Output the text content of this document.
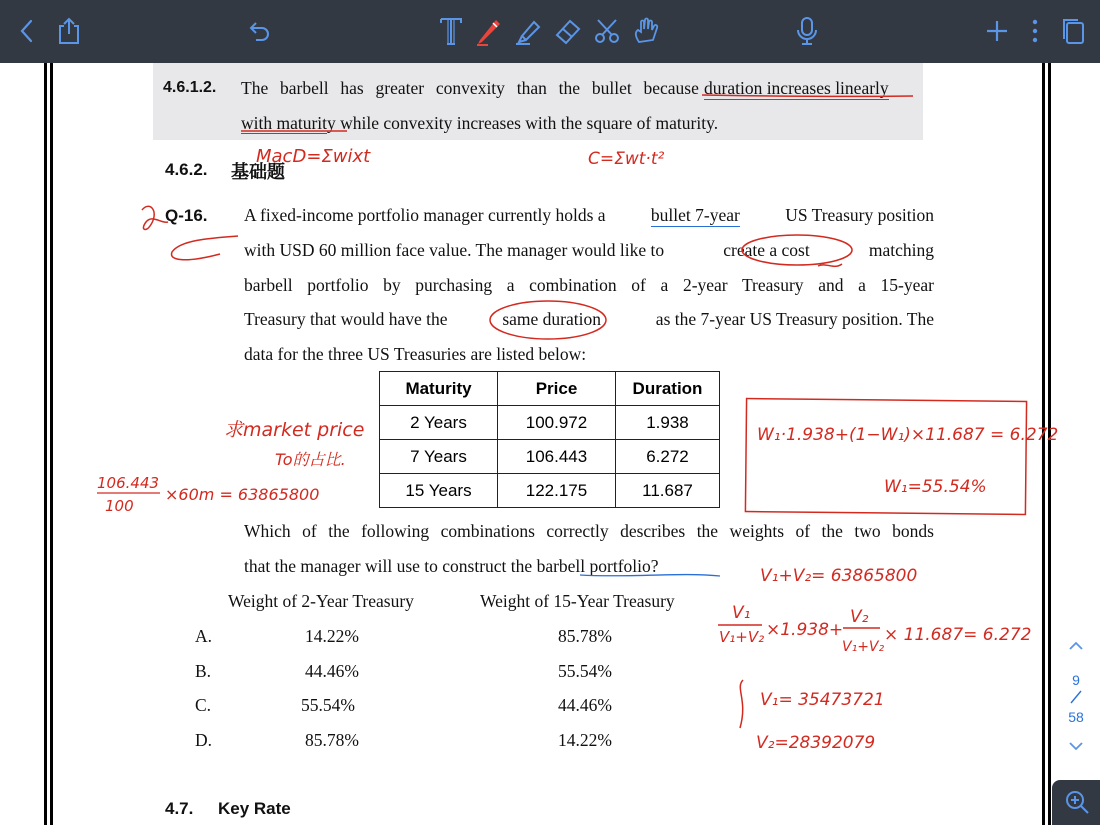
4.6.1.2. The barbell has greater convexity than the bullet because duration increases linearly
with maturity while convexity increases with the square of maturity.
4.6.2. 基础题
Q-16. A fixed-income portfolio manager currently holds a	bullet 7-year	US Treasury position
with USD 60 million face value. The manager would like to	create a cost	matching
barbell portfolio by purchasing a combination of a 2-year Treasury and a 15-year
Treasury that would have the	same duration	as the 7-year US Treasury position. The
data for the three US Treasuries are listed below:
Maturity	Price	Duration
2 Years	100.972	1.938
7 Years	106.443	6.272
15 Years	122.175	11.687
Which of the following combinations correctly describes the weights of the two bonds
that the manager will use to construct the barbell portfolio?
Weight of 2-Year Treasury	Weight of 15-Year Treasury
A.	14.22%	85.78%
B.	44.46%	55.54%
C.	55.54%	44.46%
D.	85.78%	14.22%
4.7. Key Rate
MacD=Σwixt	C=Σwt·t²
求market price
To的占比.
106.443
100
×60m = 63865800
W₁·1.938+(1−W₁)×11.687 = 6.272
W₁=55.54%
V₁+V₂= 63865800
V₁
V₁+V₂ ×1.938+
V₂
V₁+V₂
× 11.687= 6.272
V₁= 35473721
V₂=28392079
9
58
